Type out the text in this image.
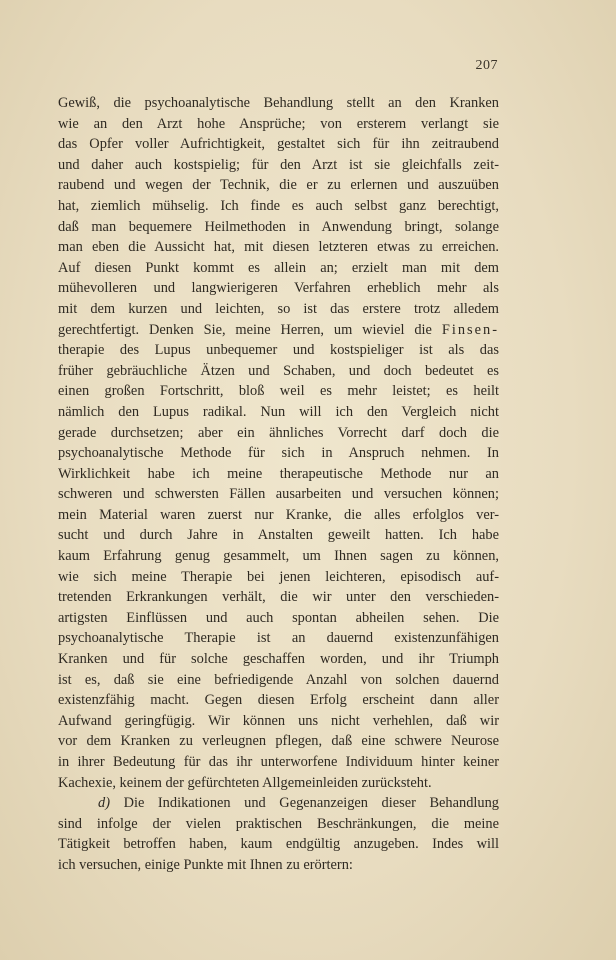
207
Gewiß, die psychoanalytische Behandlung stellt an den Kranken
wie an den Arzt hohe Ansprüche; von ersterem verlangt sie
das Opfer voller Aufrichtigkeit, gestaltet sich für ihn zeitraubend
und daher auch kostspielig; für den Arzt ist sie gleichfalls zeit-
raubend und wegen der Technik, die er zu erlernen und auszuüben
hat, ziemlich mühselig. Ich finde es auch selbst ganz berechtigt,
daß man bequemere Heilmethoden in Anwendung bringt, solange
man eben die Aussicht hat, mit diesen letzteren etwas zu erreichen.
Auf diesen Punkt kommt es allein an; erzielt man mit dem
mühevolleren und langwierigeren Verfahren erheblich mehr als
mit dem kurzen und leichten, so ist das erstere trotz alledem
gerechtfertigt. Denken Sie, meine Herren, um wieviel die Finsen-
therapie des Lupus unbequemer und kostspieliger ist als das
früher gebräuchliche Ätzen und Schaben, und doch bedeutet es
einen großen Fortschritt, bloß weil es mehr leistet; es heilt
nämlich den Lupus radikal. Nun will ich den Vergleich nicht
gerade durchsetzen; aber ein ähnliches Vorrecht darf doch die
psychoanalytische Methode für sich in Anspruch nehmen. In
Wirklichkeit habe ich meine therapeutische Methode nur an
schweren und schwersten Fällen ausarbeiten und versuchen können;
mein Material waren zuerst nur Kranke, die alles erfolglos ver-
sucht und durch Jahre in Anstalten geweilt hatten. Ich habe
kaum Erfahrung genug gesammelt, um Ihnen sagen zu können,
wie sich meine Therapie bei jenen leichteren, episodisch auf-
tretenden Erkrankungen verhält, die wir unter den verschieden-
artigsten Einflüssen und auch spontan abheilen sehen. Die
psychoanalytische Therapie ist an dauernd existenzunfähigen
Kranken und für solche geschaffen worden, und ihr Triumph
ist es, daß sie eine befriedigende Anzahl von solchen dauernd
existenzfähig macht. Gegen diesen Erfolg erscheint dann aller
Aufwand geringfügig. Wir können uns nicht verhehlen, daß wir
vor dem Kranken zu verleugnen pflegen, daß eine schwere Neurose
in ihrer Bedeutung für das ihr unterworfene Individuum hinter keiner
Kachexie, keinem der gefürchteten Allgemeinleiden zurücksteht.
d) Die Indikationen und Gegenanzeigen dieser Behandlung
sind infolge der vielen praktischen Beschränkungen, die meine
Tätigkeit betroffen haben, kaum endgültig anzugeben. Indes will
ich versuchen, einige Punkte mit Ihnen zu erörtern:
